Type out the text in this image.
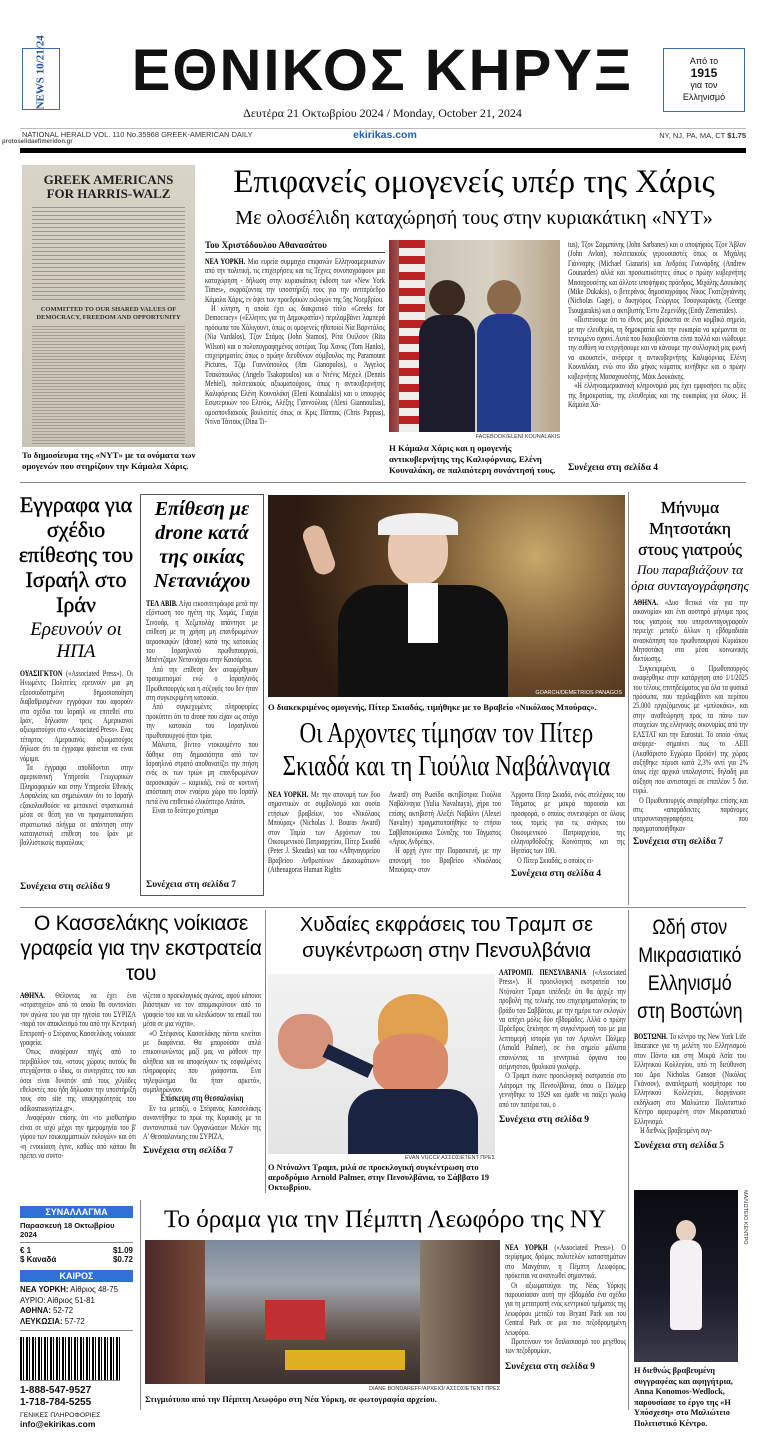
NEWS 10/21/24 ΕΘΝΙΚΟΣ ΚΗΡΥΞ
Δευτέρα 21 Οκτωβρίου 2024 / Monday, October 21, 2024
Από το
1915
για τον
Ελληνισμό
NATIONAL HERALD VOL. 110 No.35968 GREEK-AMERICAN DAILY
protoselidaefimeridon.gr
ekirikas.com	NY, NJ, PA, MA, CT $1.75
GREEK AMERICANS FOR HARRIS-WALZ
COMMITTED TO OUR SHARED VALUES OF DEMOCRACY, FREEDOM AND OPPORTUNITY
Το δημοσίευμα της «NYT» με τα ονόματα των ομογενών που στηρίζουν την Κάμαλα Χάρις.
Επιφανείς ομογενείς υπέρ της Χάρις
Με ολοσέλιδη καταχώρησή τους στην κυριακάτικη «NYT»
Του Χριστόδουλου Αθανασάτου

ΝΕΑ ΥΟΡΚΗ. Μια ευρεία συμμαχία επιφανών Ελληνοαμερικανών από την πολιτική, τις επιχειρήσεις και τις Τέχνες συνυπογράφουν μια καταχώρηση - δήλωση στην κυριακάτικη έκδοση των «New York Times», εκφράζοντας την υποστήριξή τους για την αντιπρόεδρο Κάμαλα Χάρις, εν όψει των προεδρικών εκλογών της 5ης Νοεμβρίου.

Η κίνηση, η οποία έχει ως διακριτικό τίτλο «Greeks for Democracy» («Ελληνες για τη Δημοκρατία») περιλαμβάνει λαμπερά πρόσωπα του Χόλιγουντ, όπως οι ομογενείς ηθοποιοί Νία Βαρντάλος (Nia Vardalos), Τζον Στάμος (John Stamos), Ρίτα Ουίλσον (Rita Wilson) και ο πολυπογραφημένος αστέρας Τομ Χανκς (Tom Hanks), επιχειρηματίες όπως ο πρώην διευθύνων σύμβουλος της Paramount Pictures, Τζιμ Γιαννόπουλος (Jim Gianopulos), ο Άγγελος Τσακόπουλος (Angelo Tsakopoulos) και ο Ντένις Μέχιελ (Dennis Mehiel), πολιτειακούς αξιωματούχους, όπως η αντικυβερνήτης Καλιφόρνιας Ελένη Κουναλάκη (Eleni Kounalakis) και ο υπουργός Εσωτερικών του Ελινόις, Αλέξης Γιαννούλιας (Alexi Giannoulias), ομοσπονδιακούς βουλευτές όπως οι Κρις Πάππας (Chris Pappas), Ντίνα Τάιτους (Dina Ti-

FACEBOOK/ELENI KOUNALAKIS
Η Κάμαλα Χάρις και η ομογενής αντικυβερνήτης της Καλιφόρνιας, Ελένη Κουναλάκη, σε παλαιότερη συνάντησή τους.

tus), Τζον Σαρμπάνης (John Sarbanes) και ο υποψήφιος Τζον Άβλον (John Avlon), πολιτειακούς γερουσιαστές όπως οι Μιχάλης Γιάνναρης (Michael Gianaris) και Ανδρέας Γουνάρδης (Andrew Gounardes) αλλά και προσωπικότητες όπως ο πρώην κυβερνήτης Μασαχουσέτης και άλλοτε υποψήφιος πρόεδρος, Μιχάλης Δουκάκης (Mike Dukakis), ο βετεράνος δημοσιογράφος Νίκος Γκατζογιάννης (Nicholas Gage), ο δικηγόρος Γεώργιος Τσουγκαράκης (George Tsougarakis) και ο ακτιβιστής Έντυ Ζεμενίδης (Endy Zemenides).

«Πιστεύουμε ότι το έθνος μας βρίσκεται σε ένα κομβικό σημείο, με την ελευθερία, τη δημοκρατία και την ευκαιρία να κρέμονται σε τεντωμένο σχοινί. Αυτά που διακυβεύονται είναι πολλά και νιώθουμε την ευθύνη να ενεργήσουμε και να κάνουμε την συλλογική μας φωνή να ακουστεί», ανέφερε η αντικυβερνήτης Καλιφόρνιας Ελένη Κουναλάκη, ενώ στο ίδιο μήκος κύματος κινήθηκε και ο πρώην κυβερνήτης Μασαχουσέτης, Μάικ Δουκάκης.

«Η ελληνοαμερικανική κληρονομιά μας έχει εμφυσήσει τις αξίες της δημοκρατίας, της ελευθερίας και της ευκαιρίας για όλους. Η Κάμαλα Χά-

Συνέχεια στη σελίδα 4
Εγγραφα για σχέδιο επίθεσης του Ισραήλ στο Ιράν
Ερευνούν οι ΗΠΑ

ΟΥΑΣΙΓΚΤΟΝ («Associated Press»). Οι Ηνωμένες Πολιτείες ερευνούν μια μη εξουσιοδοτημένη δημοσιοποίηση διαβαθμισμένων εγγράφων που αφορούν στα σχέδια του Ισραήλ να επιτεθεί στο Ιράν, δήλωσαν τρεις Αμερικανοί αξιωματούχοι στο «Associated Press». Ενας τέταρτος Αμερικανός αξιωματούχος δήλωσε ότι τα έγγραφα φαίνεται να είναι νόμιμα.

Τα έγγραφα αποδίδονται στην αμερικανική Υπηρεσία Γεωχωρικών Πληροφοριών και στην Υπηρεσία Εθνικής Ασφαλείας και σημειώνουν ότι το Ισραήλ εξακολουθούσε να μετακινεί στρατιωτικά μέσα σε θέση για να πραγματοποιήσει στρατιωτικό πλήγμα σε απάντηση στην καταιγιστική επίθεση του Ιράν με βαλλιστικούς πυραύλους

Συνέχεια στη σελίδα 9
Επίθεση με drone κατά της οικίας Νετανιάχου

ΤΕΛ ΑΒΙΒ. Λίγα εικοσιτετράωρα μετά την εξόντωση του ηγέτη της Χαμάς, Γιαχία Σινουάρ, η Χεζμπολάχ απάντησε με επίθεση με τη χρήση μη επανδρωμένων αεροσκαφών (drone) κατά της κατοικίας του Ισραηλινού πρωθυπουργού, Μπέντζαμιν Νετανιάχου στην Καισάρεια.

Από την επίθεση δεν αναφέρθηκαν τραυματισμοί ενώ ο Ισραηλινός Πρωθυπουργός και η σύζυγός του δεν ήταν στη συγκεκριμένη κατοικία.

Από συγκεχυμένες πληροφορίες προκύπτει ότι τα drone που είχαν ως στόχο την κατοικία του Ισραηλινού πρωθυπουργού ήταν τρία.

Μάλιστα, βίντεο ντοκουμέντο που δόθηκε στη δημοσιότητα από τον Ισραηλινό στρατό αποθανατίζει την πτήση ενός εκ των τριών μη επανδρωμένων αεροσκαφών – καμικάζι, ενώ σε κοντινή απόσταση στον εναέριο χώρο του Ισραήλ πετά ένα επιθετικό ελικόπτερο Απάτσι.

Είναι το δεύτερο χτύπημα

Συνέχεια στη σελίδα 7
GOARCH/DEMETRIOS PANAGOS
Ο διακεκριμένος ομογενής, Πίτερ Σκιαδάς, τιμήθηκε με το Βραβείο «Νικόλαος Μπούρας».
Οι Αρχοντες τίμησαν τον Πίτερ Σκιαδά και τη Γιούλια Ναβάλναγια

ΝΕΑ ΥΟΡΚΗ. Με την απονομή των δυο σημαντικών σε συμβολισμό και ουσία ετήσιων βραβείων, του «Νικόλαος Μπούρας» (Nicholas J. Bouras Award) στον Ταμία των Αρχόντων του Οικουμενικού Πατριαρχείου, Πίτερ Σκιαδά (Peter J. Skeadas) και του «Αθηναγορείου Βραβείου Ανθρωπίνων Δικαιωμάτων» (Athenagoras Human Rights

Award) στη Ρωσίδα ακτιβίστρια Γιούλια Ναβάλναγια (Yulia Navalnaya), χήρα του επίσης ακτιβιστή Αλεξέι Ναβάλνι (Alexei Navalny) πραγματοποιήθηκε το ετήσιο Σαββατοκύριακο Σύναξης του Τάγματος «Αγιος Ανδρέας».

Η αρχή έγινε την Παρασκευή, με την απονομή του Βραβείου «Νικόλαος Μπούρας» στον

Άρχοντα Πίτερ Σκιαδά, ενός στελέχους του Τάγματος με μακρά παρουσία και προσφορά, ο οποίος συνεισφέρει σε όλους τους τομείς για τις ανάγκες του Οικουμενικού Πατριαρχείου, της ελληνορθόδοξης Κοινότητας και της Ηγεσίας των 100.

Ο Πίτερ Σκιαδάς, ο οποίος εί-

Συνέχεια στη σελίδα 4
Μήνυμα Μητσοτάκη στους γιατρούς
Που παραβιάζουν τα όρια συνταγογράφησης

ΑΘΗΝΑ. «Δυο θετικά νέα για την οικονομία» και ένα αυστηρό μήνυμα προς τους γιατρούς που υπερσυνταγογραφούν περιείχε μεταξύ άλλων η εβδομαδιαία ανασκόπηση του πρωθυπουργού Κυριάκου Μητσοτάκη στα μέσα κοινωνικής δικτύωσης.

Συγκεκριμένα, ο Πρωθυπουργός αναφέρθηκε στην κατάργηση από 1/1/2025 του τέλους επιτηδεύματος για όλα τα φυσικά πρόσωπα, που περιλαμβάνει και περίπου 25.000 εργαζόμενους με «μπλοκάκι», και στην αναθεώρηση προς τα πάνω των στοιχείων της ελληνικής οικονομίας από την ΕΛΣΤΑΤ και την Eurostat. Το οποίο -όπως ανέφερε- σημαίνει πως το ΑΕΠ (Ακαθάριστο Εγχώριο Προϊόν) της χώρας αυξήθηκε πέρυσι κατά 2,3% αντί για 2% όπως είχε αρχικά υπολογιστεί, δηλαδή μια αύξηση που αντιστοιχεί σε επιπλέον 5 δισ. ευρώ.

Ο Πρωθυπουργός αναφέρθηκε επίσης και στις «απαράδεκτες παράνομες υπερσυνταγογραφήσεις που πραγματοποιήθηκαν

Συνέχεια στη σελίδα 7
Ο Κασσελάκης νοίκιασε γραφεία για την εκστρατεία του

ΑΘΗΝΑ. Θέλοντας να έχει ένα «στρατηγείο» από το οποίο θα συντονίσει τον αγώνα του για την ηγεσία του ΣΥΡΙΖΑ -παρά τον αποκλεισμό του από την Κεντρική Επιτροπή- ο Στέφανος Κασσελάκης νοίκιασε γραφεία.

Οπως αναφέρουν πηγές από το περιβάλλον του, «στους χώρους αυτούς θα στεγάζονται ο ίδιος, οι συνεργάτες του και όσοι είναι δυνατόν από τους χιλιάδες εθελοντές που ήδη δήλωσαν την υποστήριξή τους στο site της υποψηφιότητάς του odikosmassyriza.gr».

Αναφέρουν επίσης ότι «το μισθωτήριο είναι σε ισχύ μέχρι την ημερομηνία του β' γύρου των εσωκομματικών εκλογών» και ότι «η ενοικίαση έγινε, καθώς από κάπου θα πρέπει να συντο-

νίζεται ο προεκλογικός αγώνας, αφού κάποιοι βιάστηκαν να τον απομακρύνουν από το γραφείο του και να κλειδώσουν τα email του μέσα σε μια νύχτα».

«Ο Στέφανος Κασσελάκης πάντα κινείται με διαφάνεια. Θα μπορούσαν απλά επικοινωνώντας μαζί μας να μάθουν την αλήθεια και να αποφεύγουν τις εσφαλμένες πληροφορίες που γράφονται. Ενα τηλεφώνημα θα ήταν αρκετό», συμπληρώνουν.

Επίσκεψη στη Θεσσαλονίκη

Εν τω μεταξύ, ο Στέφανος Κασσελάκης συναντήθηκε το πρωί της Κυριακής με τα συντονιστικά των Οργανώσεων Μελών της Α' Θεσσαλονίκης του ΣΥΡΙΖΑ,

Συνέχεια στη σελίδα 7
Χυδαίες εκφράσεις του Τραμπ σε συγκέντρωση στην Πενσυλβάνια
EVAN VUCCI/ ΑΣΣΟΣΙΕΤΕΝΤ ΠΡΕΣ
Ο Ντόναλντ Τραμπ, μιλά σε προεκλογική συγκέντρωση στο αεροδρόμιο Arnold Palmer, στην Πενσυλβάνια, το Σάββατο 19 Οκτωβρίου.

ΛΑΤΡΟΜΠ. ΠΕΝΣΥΛΒΑΝΙΑ («Associated Press»). Η προεκλογική εκστρατεία του Ντόναλντ Τραμπ υπέδειξε ότι θα άρχιζε την προβολή της τελικής του επιχειρηματολογίας το βράδυ του Σαββάτου, με την ημέρα των εκλογών να απέχει μόλις δύο εβδομάδες. Αλλά ο πρώην Πρόεδρος ξεκίνησε τη συγκέντρωσή του με μια λεπτομερή ιστορία για τον Αρνολντ Πάλμερ (Arnold Palmer), σε ένα σημείο μάλιστα επαινώντας τα γεννητικά όργανα του αείμνηστου, θρυλικού γκολφέρ.

Ο Τραμπ έκανε προεκλογική εκστρατεία στο Λάτρομπ της Πενσυλβάνια, όπου ο Πάλμερ γεννήθηκε το 1929 και έμαθε να παίζει γκολφ από τον πατέρα του, ο

Συνέχεια στη σελίδα 9
Ωδή στον Μικρασιατικό Ελληνισμό στη Βοστώνη

ΒΟΣΤΩΝΗ. Το κέντρο της New York Life Insurance για τη μελέτη του Ελληνισμού στον Πόντο και στη Μικρά Ασία του Ελληνικού Κολλεγίου, υπό τη διεύθυνση του Δρα Nicholas Ganson (Νικόλας Γκάνσον), αναπληρωτή κοσμήτορα του Ελληνικού Κολλεγίου, διοργάνωσε εκδήλωση στο Μαλιώτειο Πολιτιστικό Κέντρο αφιερωμένη στον Μικρασιατικό Ελληνισμό.

Η διεθνώς βραβευμένη συγ-

Συνέχεια στη σελίδα 5
ΜΑΛΙΩΤΕΙΟ ΚΕΝΤΡΟ
Η διεθνώς βραβευμένη συγγραφέας και αφηγήτρια, Anna Konomos-Wedlock, παρουσίασε το έργο της «Η Υπόσχεση» στο Μαλιώτειο Πολιτιστικό Κέντρο.
ΣΥΝΑΛΛΑΓΜΑ
Παρασκευή 18 Οκτωβρίου 2024
€ 1	$1.09
$ Καναδά	$0.72
ΚΑΙΡΟΣ
ΝΕΑ ΥΟΡΚΗ: Αίθριος 48-75
ΑΥΡΙΟ: Αίθριος 51-81
ΑΘΗΝΑ: 52-72
ΛΕΥΚΩΣΙΑ: 57-72
1-888-547-9527
1-718-784-5255
ΓΕΝΙΚΕΣ ΠΛΗΡΟΦΟΡΙΕΣ
info@ekirikas.com
Το όραμα για την Πέμπτη Λεωφόρο της ΝΥ
DIANE BONDAREFF/ΑΡΧΕΙΟ/ ΑΣΣΟΣΙΕΤΕΝΤ ΠΡΕΣ
Στιγμιότυπο από την Πέμπτη Λεωφόρο στη Νέα Υόρκη, σε φωτογραφία αρχείου.

ΝΕΑ ΥΟΡΚΗ («Associated Press»). Ο περίφημος δρόμος πολυτελών καταστημάτων στο Μανχάταν, η Πέμπτη Λεωφόρος, πρόκειται να ανανεωθεί σημαντικά.

Οι αξιωματούχοι της Νέας Υόρκης παρουσίασαν αυτή την εβδομάδα ένα σχέδιο για τη μετατροπή ενός κεντρικού τμήματος της λεωφόρου μεταξύ του Bryant Park και του Central Park σε μια πιο πεζοδρομημένη λεωφόρο.

Προτείνουν τον διπλασιασμό του μεγέθους των πεζοδρομίων,

Συνέχεια στη σελίδα 9
